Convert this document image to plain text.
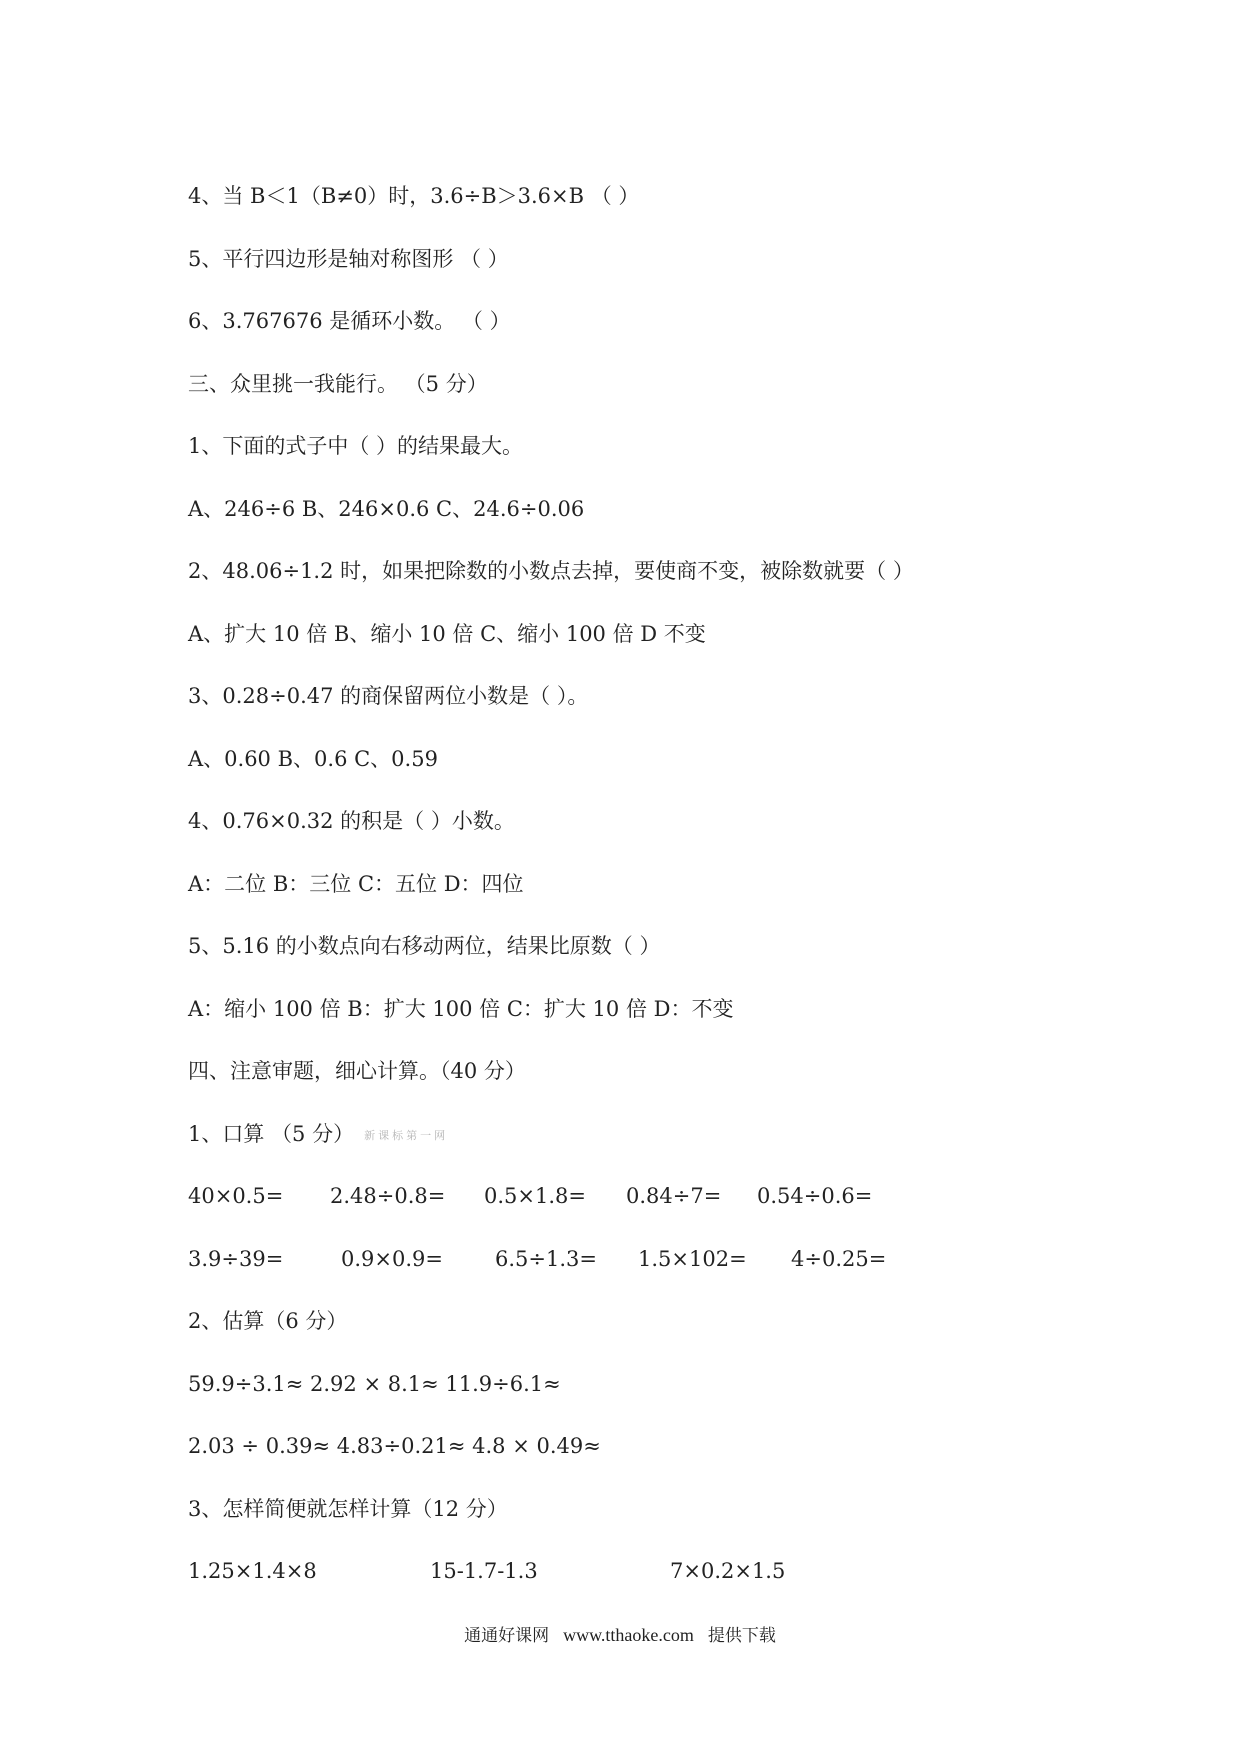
4、当 B＜1（B≠0）时，3.6÷B＞3.6×B （ ）
5、平行四边形是轴对称图形 （ ）
6、3.767676 是循环小数。 （ ）
三、众里挑一我能行。 （5 分）
1、下面的式子中（ ）的结果最大。
A、246÷6 B、246×0.6 C、24.6÷0.06
2、48.06÷1.2 时，如果把除数的小数点去掉，要使商不变，被除数就要（ ）
A、扩大 10 倍 B、缩小 10 倍 C、缩小 100 倍 D 不变
3、0.28÷0.47 的商保留两位小数是（ ）。
A、0.60 B、0.6 C、0.59
4、0.76×0.32 的积是（ ）小数。
A：二位 B：三位 C：五位 D：四位
5、5.16 的小数点向右移动两位，结果比原数（ ）
A：缩小 100 倍 B：扩大 100 倍 C：扩大 10 倍 D：不变
四、注意审题，细心计算。（40 分）
1、口算 （5 分） 新课标第一网
40×0.5= 2.48÷0.8= 0.5×1.8= 0.84÷7= 0.54÷0.6=
3.9÷39=	0.9×0.9= 6.5÷1.3= 1.5×102= 4÷0.25=
2、估算（6 分）
59.9÷3.1≈ 2.92 × 8.1≈ 11.9÷6.1≈
2.03 ÷ 0.39≈ 4.83÷0.21≈ 4.8 × 0.49≈
3、怎样简便就怎样计算（12 分）
1.25×1.4×8	15-1.7-1.3	7×0.2×1.5
通通好课网 www.tthaoke.com 提供下载
